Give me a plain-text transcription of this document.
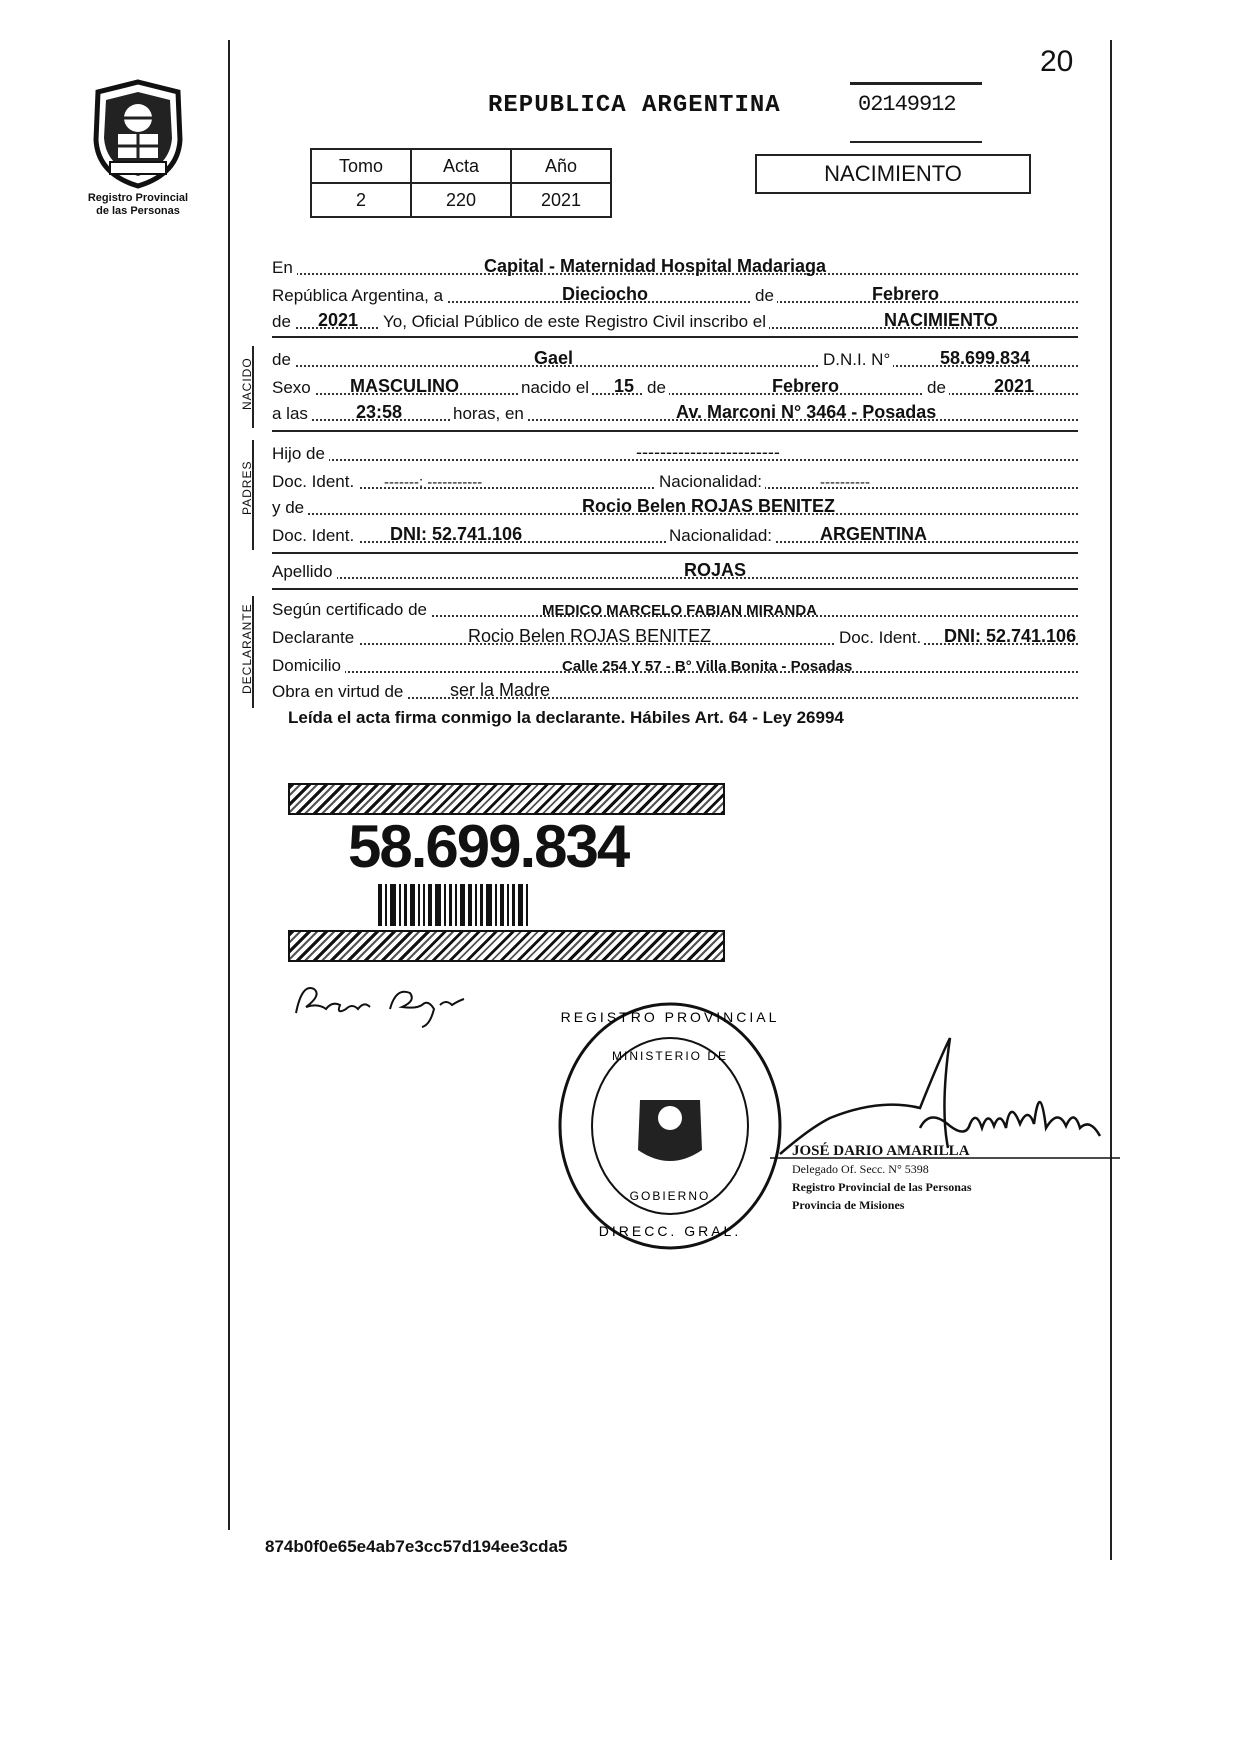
20
Registro Provincial
de las Personas
REPUBLICA ARGENTINA	02149912
Tomo	Acta	Año
2	220	2021
NACIMIENTO
En	Capital - Maternidad Hospital Madariaga
República Argentina, a	Dieciocho	de	Febrero
de 2021 Yo, Oficial Público de este Registro Civil inscribo el	NACIMIENTO
NACIDO de	Gael	D.N.I. N°	58.699.834
Sexo MASCULINO	nacido el 15 de	Febrero	de	2021
a las	23:58	horas, en	Av. Marconi N° 3464 - Posadas
PADRES
Hijo de	------------------------
Doc. Ident. -------: -----------	Nacionalidad:	----------
y de	Rocio Belen ROJAS BENITEZ
Doc. Ident. DNI: 52.741.106	Nacionalidad:	ARGENTINA
Apellido	ROJAS
DECLARANTE Según certificado de	MEDICO MARCELO FABIAN MIRANDA
Declarante	Rocio Belen ROJAS BENITEZ	Doc. Ident. DNI: 52.741.106
Domicilio	Calle 254 Y 57 - B° Villa Bonita - Posadas
Obra en virtud de	ser la Madre
Leída el acta firma conmigo la declarante. Hábiles Art. 64 - Ley 26994
58.699.834
REGISTRO PROVINCIAL
DIRECC. GRAL.
MINISTERIO DE
GOBIERNO
JOSÉ DARIO AMARILLA
Delegado Of. Secc. N° 5398
Registro Provincial de las Personas
Provincia de Misiones
874b0f0e65e4ab7e3cc57d194ee3cda5
